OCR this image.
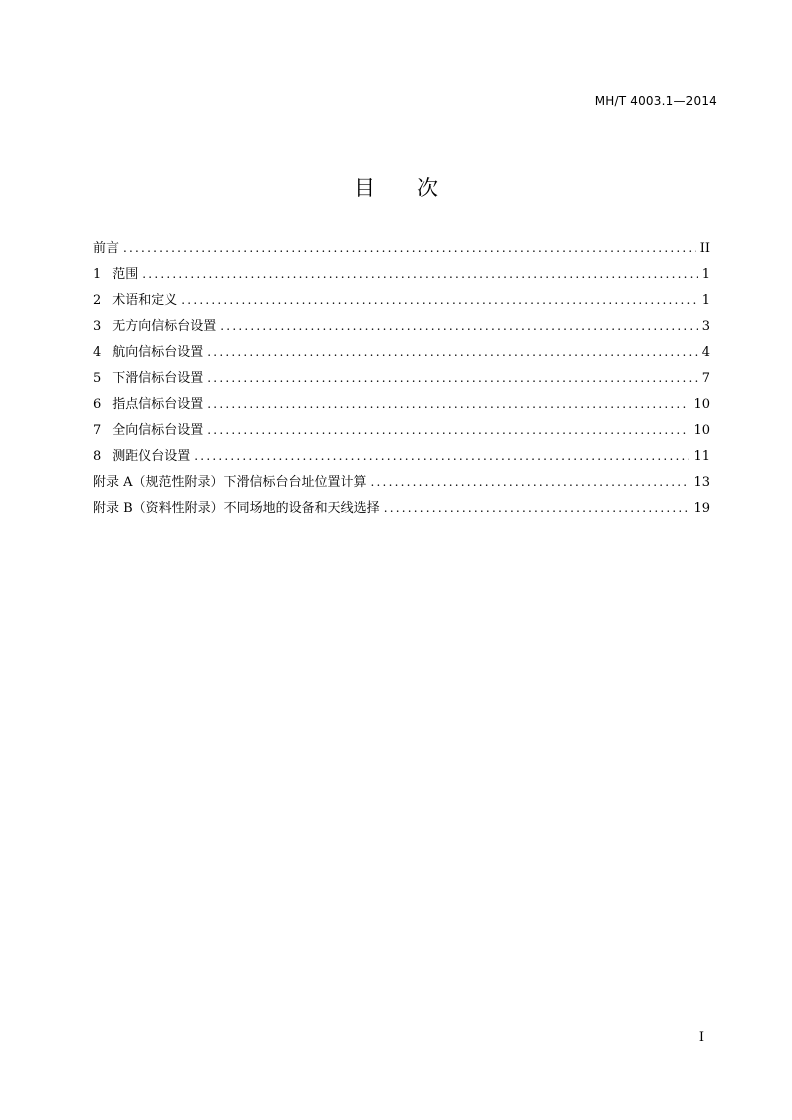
MH/T 4003.1—2014
目 次
前言 .....	II
1 范围 .....	1
2 术语和定义 .....	1
3 无方向信标台设置 .....	3
4 航向信标台设置 .....	4
5 下滑信标台设置 .....	7
6 指点信标台设置 .....	10
7 全向信标台设置 .....	10
8 测距仪台设置 .....	11
附录 A（规范性附录）下滑信标台台址位置计算 .....	13
附录 B（资料性附录）不同场地的设备和天线选择 .....	19
I
